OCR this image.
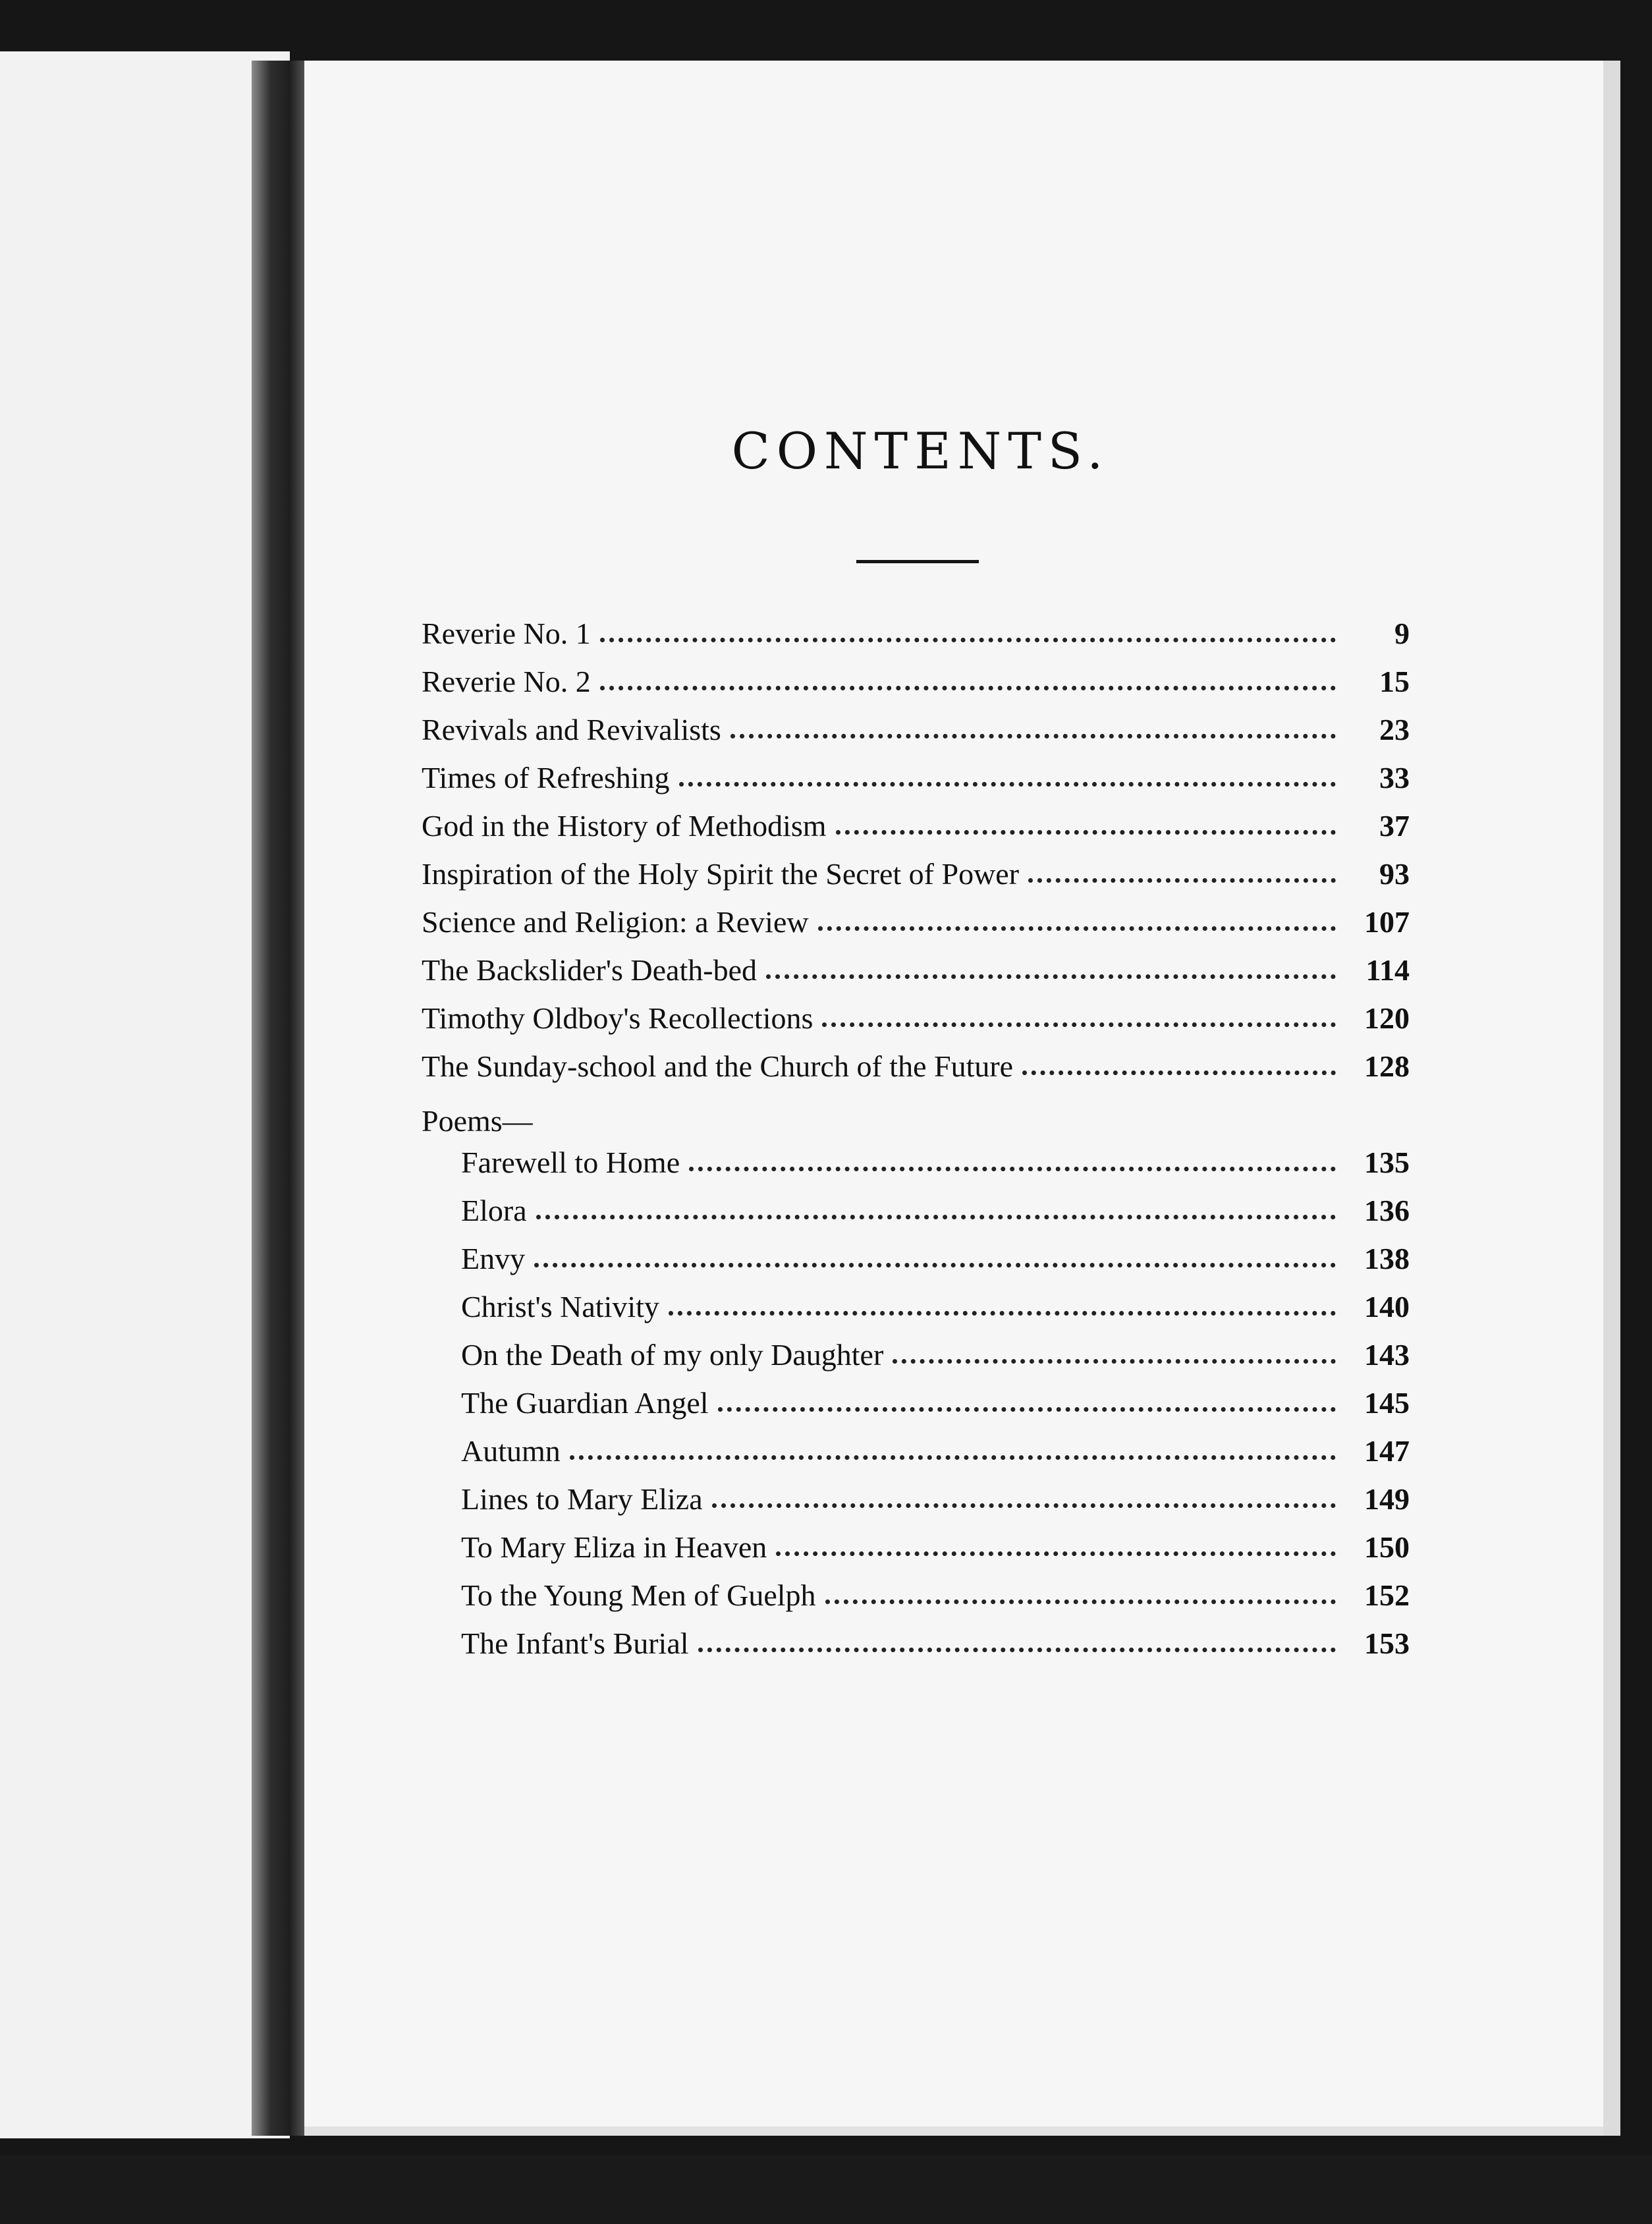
CONTENTS.
Reverie No. 1	9
Reverie No. 2	15
Revivals and Revivalists	23
Times of Refreshing	33
God in the History of Methodism	37
Inspiration of the Holy Spirit the Secret of Power	93
Science and Religion: a Review	107
The Backslider's Death-bed	114
Timothy Oldboy's Recollections	120
The Sunday-school and the Church of the Future	128
Poems—
Farewell to Home	135
Elora	136
Envy	138
Christ's Nativity	140
On the Death of my only Daughter	143
The Guardian Angel	145
Autumn	147
Lines to Mary Eliza	149
To Mary Eliza in Heaven	150
To the Young Men of Guelph	152
The Infant's Burial	153
